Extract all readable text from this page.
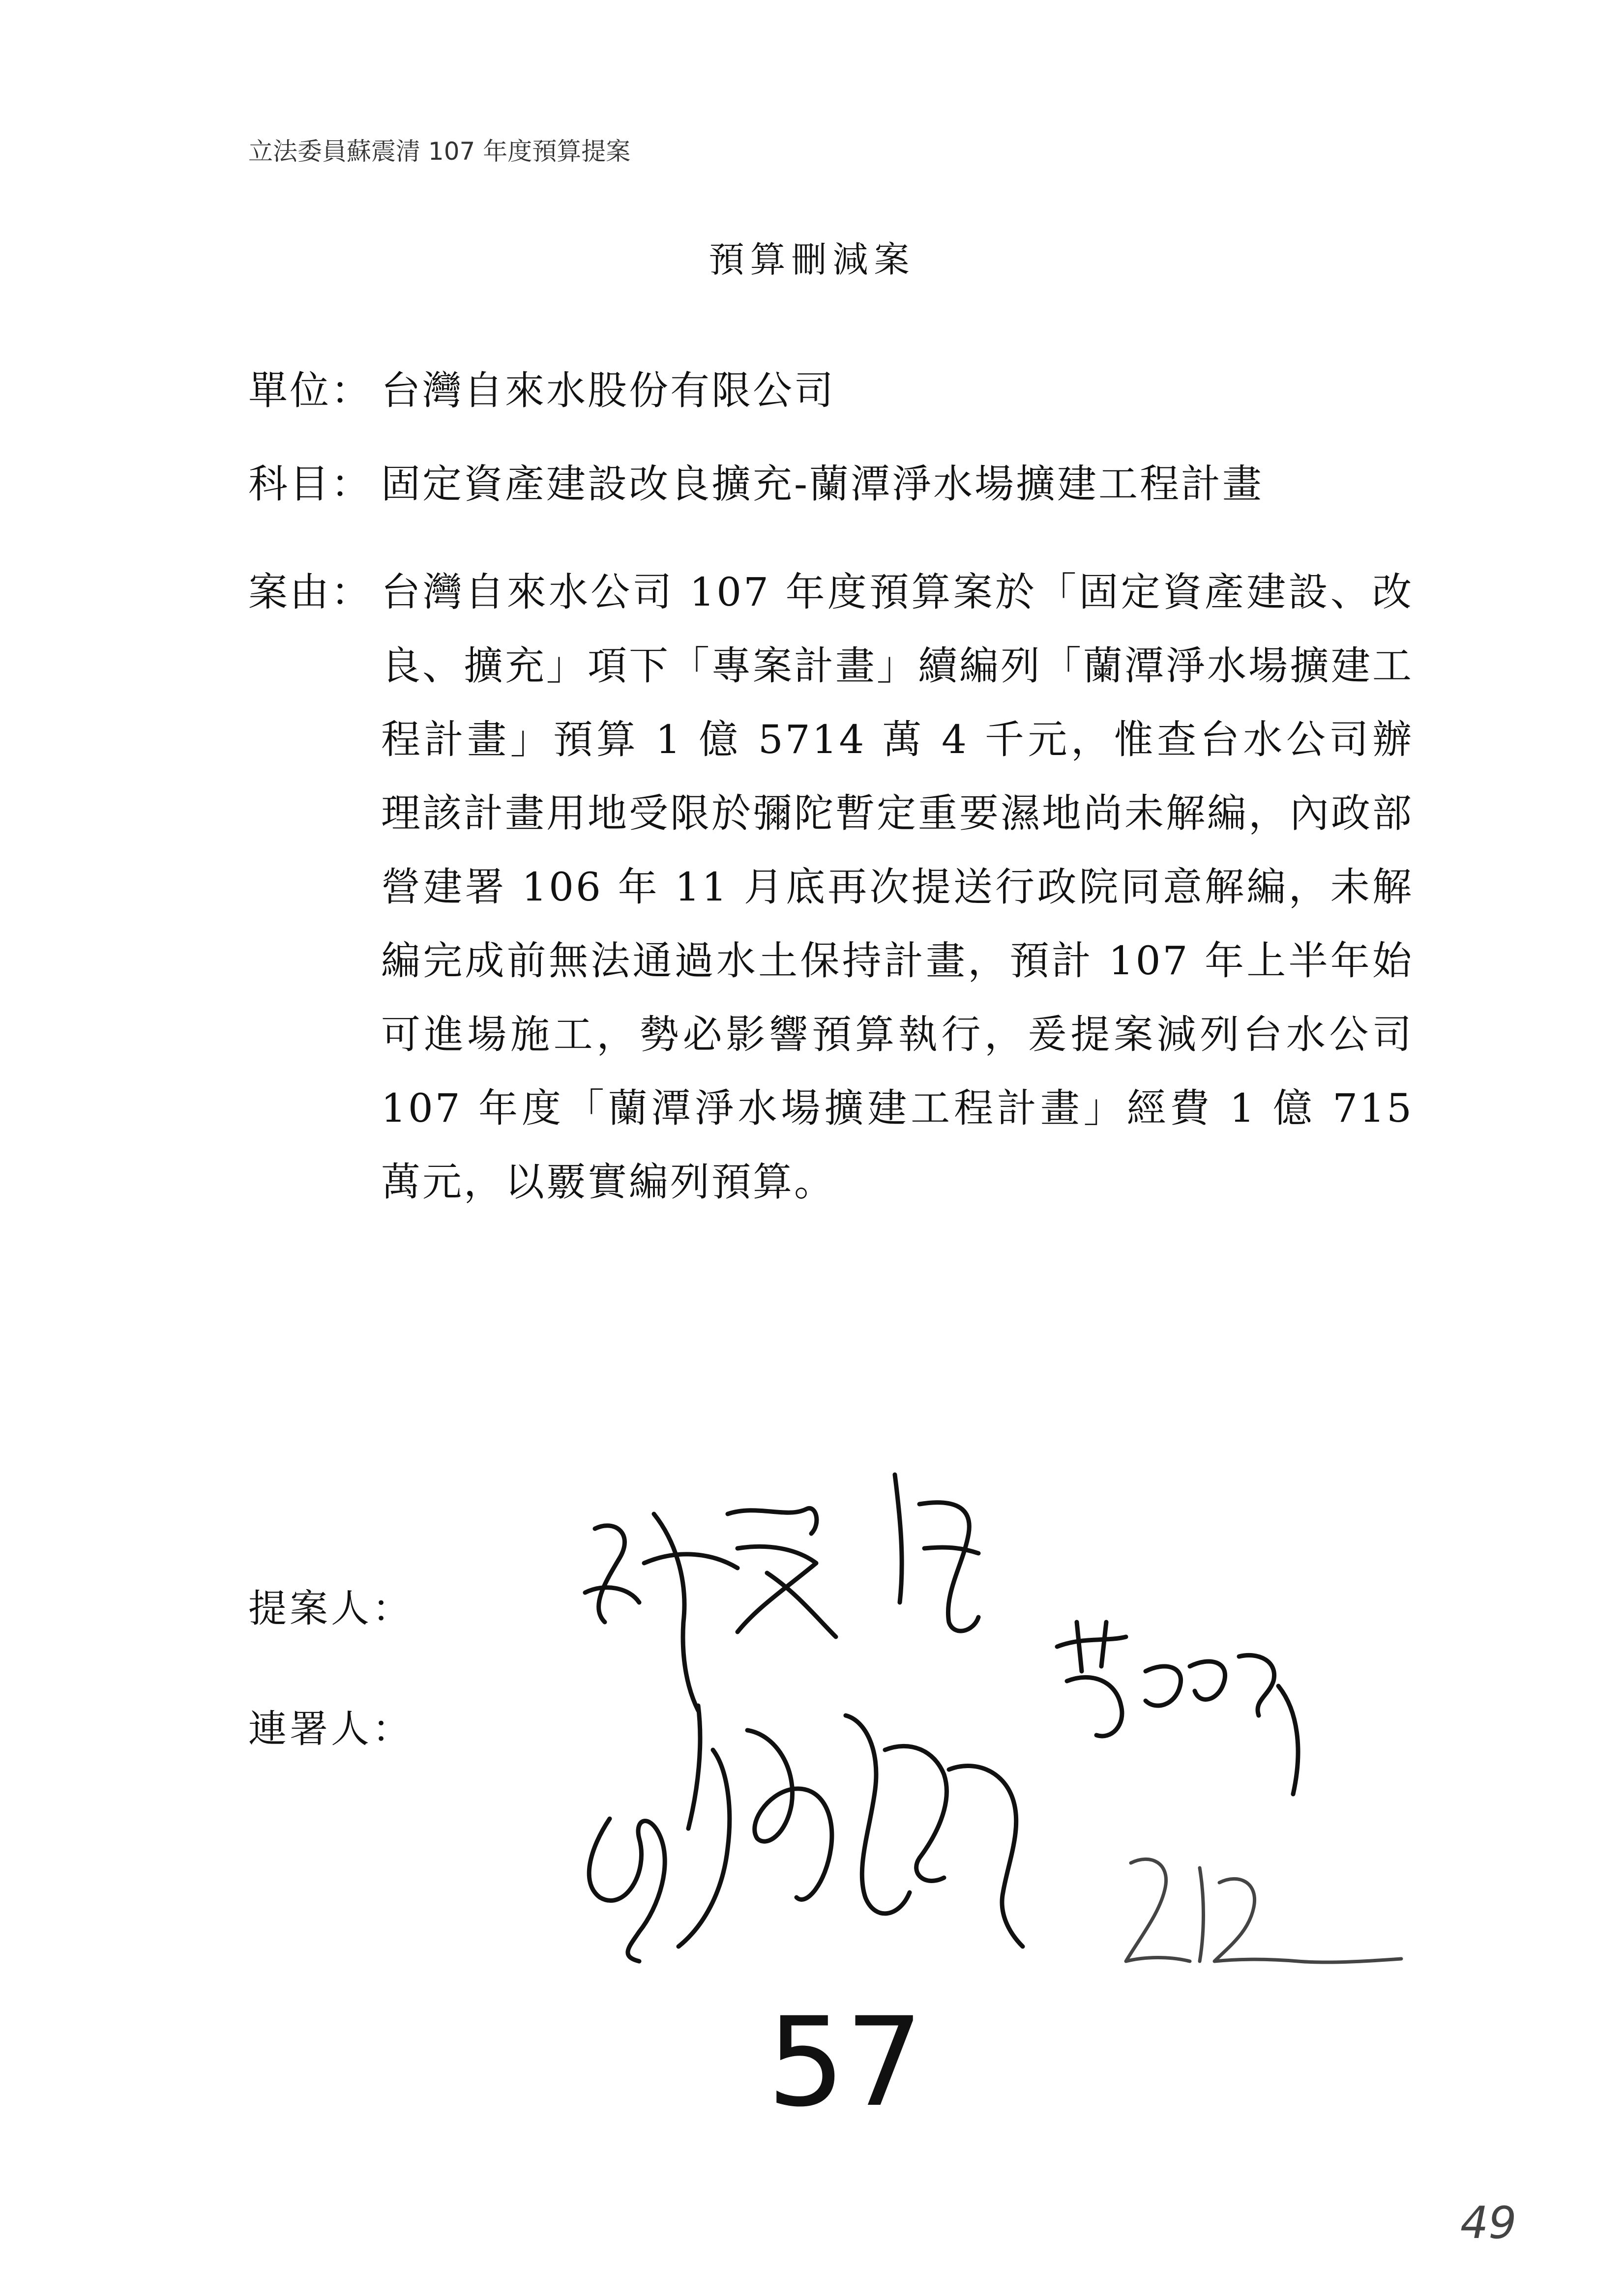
立法委員蘇震清 107 年度預算提案
預算刪減案
單位： 台灣自來水股份有限公司
科目： 固定資產建設改良擴充-蘭潭淨水場擴建工程計畫
案由： 台灣自來水公司 107 年度預算案於「固定資產建設、改良、擴充」項下「專案計畫」續編列「蘭潭淨水場擴建工程計畫」預算 1 億 5714 萬 4 千元，惟查台水公司辦理該計畫用地受限於彌陀暫定重要濕地尚未解編，內政部營建署 106 年 11 月底再次提送行政院同意解編，未解編完成前無法通過水土保持計畫，預計 107 年上半年始可進場施工，勢必影響預算執行，爰提案減列台水公司 107 年度「蘭潭淨水場擴建工程計畫」經費 1 億 715 萬元，以覈實編列預算。
提案人：
連署人：
57
49
